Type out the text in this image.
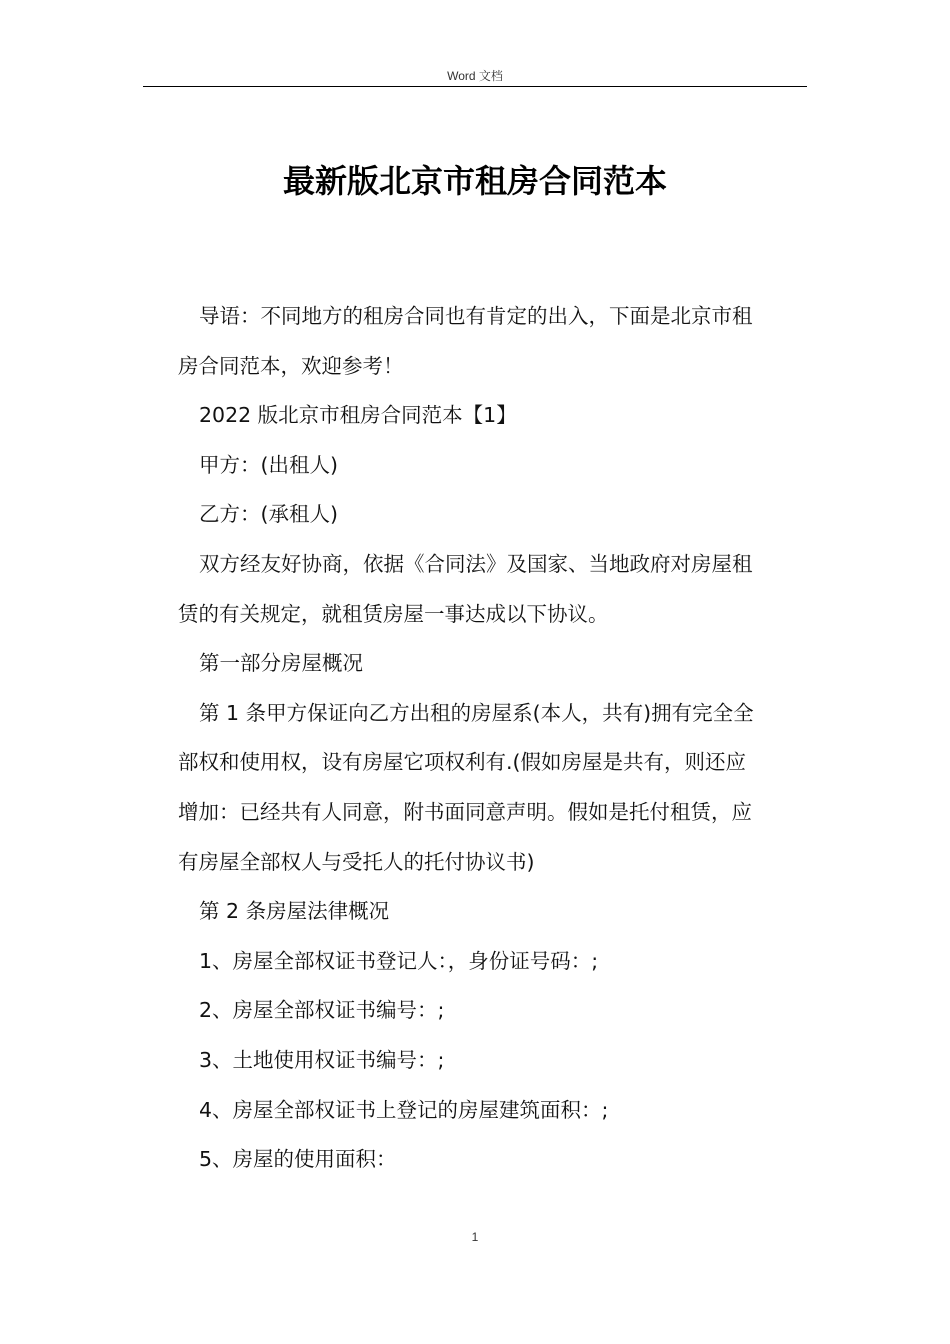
Word 文档
最新版北京市租房合同范本

导语：不同地方的租房合同也有肯定的出入，下面是北京市租

房合同范本，欢迎参考！

2022 版北京市租房合同范本【1】

甲方：(出租人)

乙方：(承租人)

双方经友好协商，依据《合同法》及国家、当地政府对房屋租

赁的有关规定，就租赁房屋一事达成以下协议。

第一部分房屋概况

第 1 条甲方保证向乙方出租的房屋系(本人，共有)拥有完全全

部权和使用权，设有房屋它项权利有.(假如房屋是共有，则还应

增加：已经共有人同意，附书面同意声明。假如是托付租赁，应

有房屋全部权人与受托人的托付协议书)

第 2 条房屋法律概况

1、房屋全部权证书登记人：，身份证号码：;

2、房屋全部权证书编号：;

3、土地使用权证书编号：;

4、房屋全部权证书上登记的房屋建筑面积：;

5、房屋的使用面积：

1
